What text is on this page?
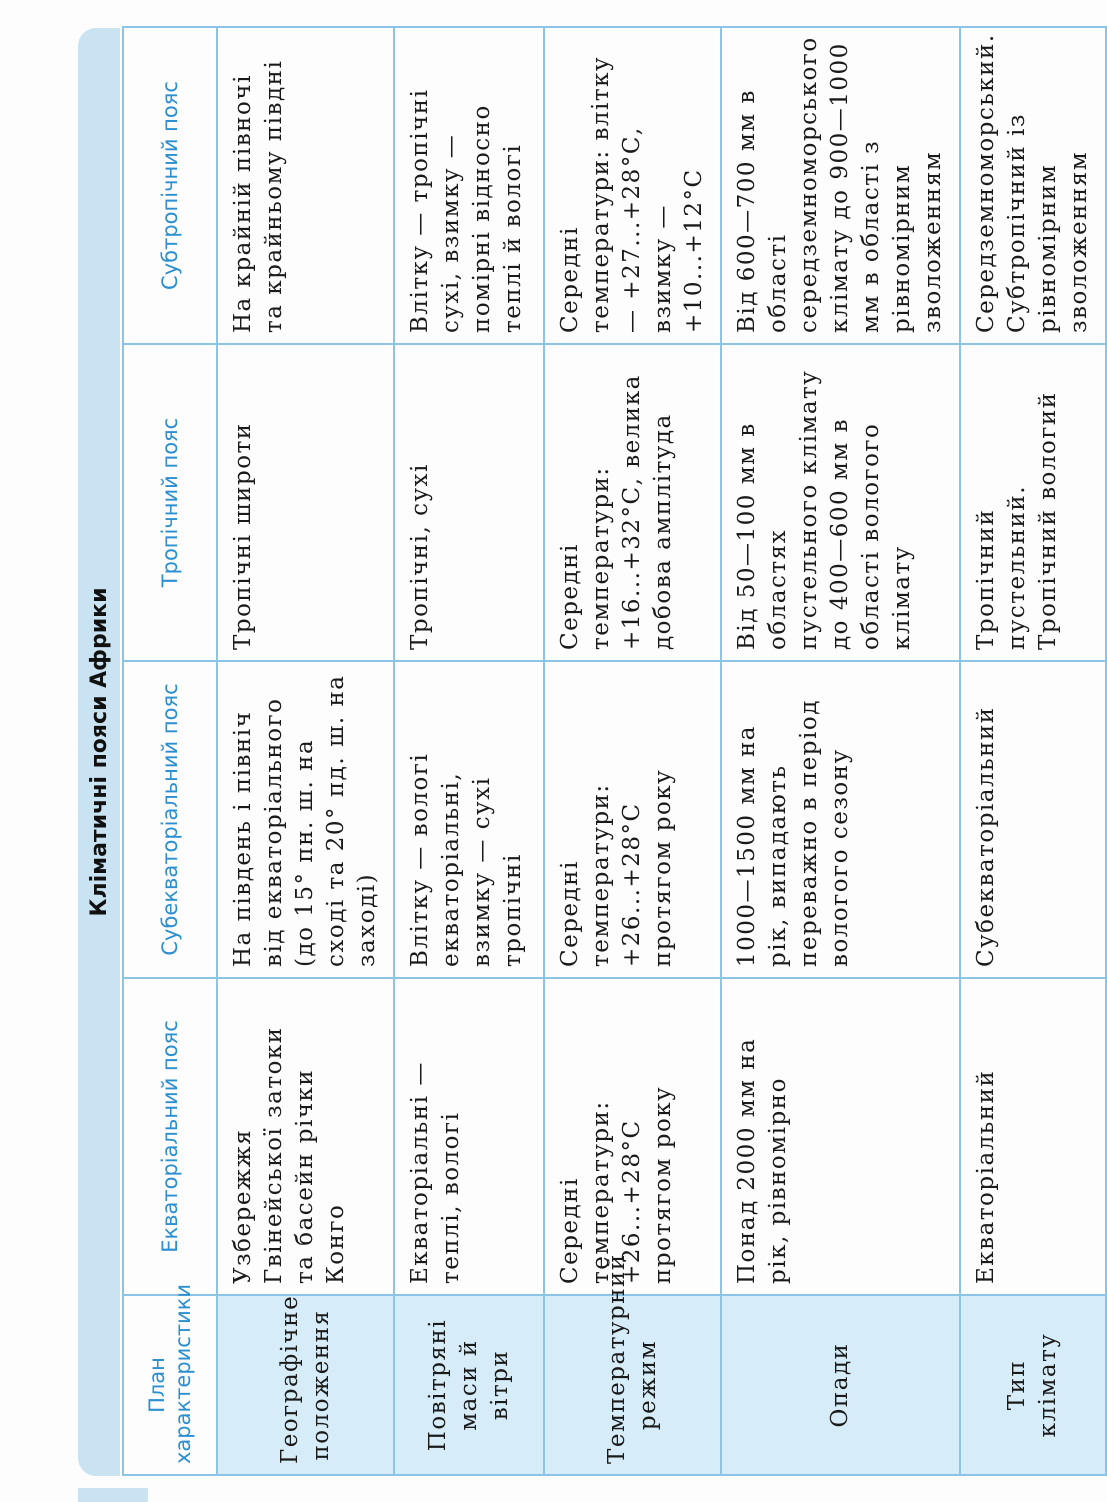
Кліматичні пояси Африки
План характеристики	Екваторіальний пояс	Субекваторіальний пояс	Тропічний пояс	Субтропічний пояс
Географічне положення	Узбережжя Гвінейської затоки та басейн річки Конго	На південь і північ від екваторіального (до 15° пн. ш. на сході та 20° пд. ш. на заході)	Тропічні широти	На крайній півночі та крайньому півдні
Повітряні маси й вітри	Екваторіальні — теплі, вологі	Влітку — вологі екваторіальні, взимку — сухі тропічні	Тропічні, сухі	Влітку — тропічні сухі, взимку — помірні відносно теплі й вологі
Температурний режим	Середні температури: +26...+28°С протягом року	Середні температури: +26...+28°С протягом року	Середні температури: +16...+32°С, велика добова амплітуда	Середні температури: влітку — +27...+28°С, взимку — +10...+12°С
Опади	Понад 2000 мм на рік, рівномірно	1000—1500 мм на рік, випадають переважно в період вологого сезону	Від 50—100 мм в областях пустельного клімату до 400—600 мм в області вологого клімату	Від 600—700 мм в області середземноморського клімату до 900—1000 мм в області з рівномірним зволоженням
Тип клімату	Екваторіальний	Субекваторіальний	Тропічний пустельний. Тропічний вологий	Середземноморський. Субтропічний із рівномірним зволоженням
